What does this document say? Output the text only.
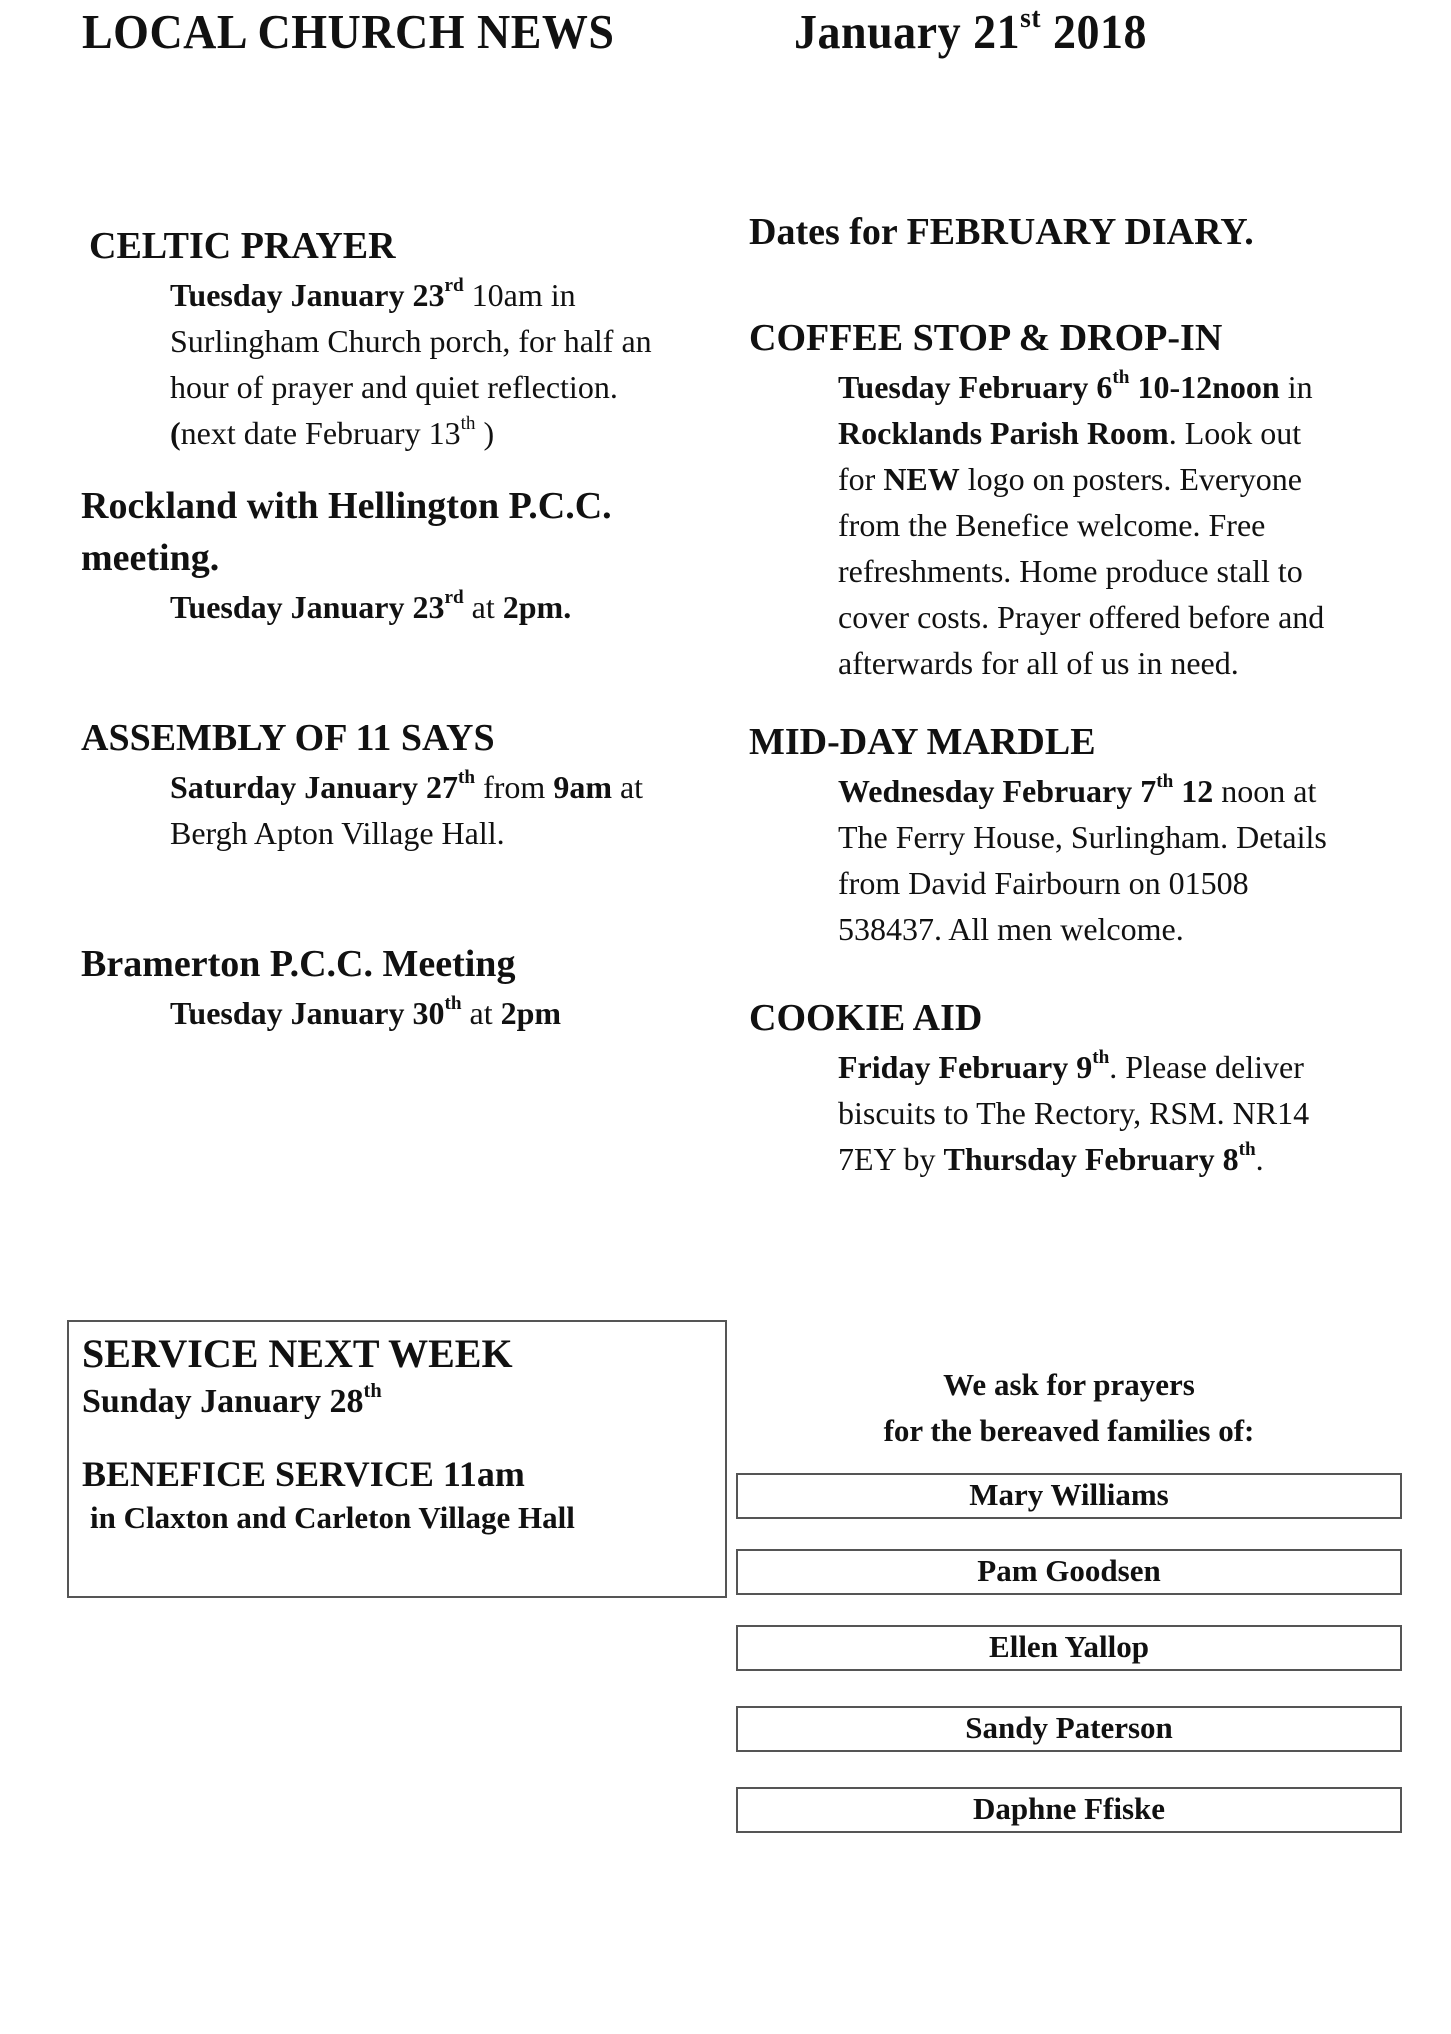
LOCAL CHURCH NEWS	January 21st 2018
CELTIC PRAYER
Tuesday January 23rd 10am in
Surlingham Church porch, for half an
hour of prayer and quiet reflection.
(next date February 13th )
Rockland with Hellington P.C.C.
meeting.
Tuesday January 23rd at 2pm.
ASSEMBLY OF 11 SAYS
Saturday January 27th from 9am at
Bergh Apton Village Hall.
Bramerton P.C.C. Meeting
Tuesday January 30th at 2pm
Dates for FEBRUARY DIARY.
COFFEE STOP & DROP-IN
Tuesday February 6th 10-12noon in
Rocklands Parish Room. Look out
for NEW logo on posters. Everyone
from the Benefice welcome. Free
refreshments. Home produce stall to
cover costs. Prayer offered before and
afterwards for all of us in need.
MID-DAY MARDLE
Wednesday February 7th 12 noon at
The Ferry House, Surlingham. Details
from David Fairbourn on 01508
538437. All men welcome.
COOKIE AID
Friday February 9th. Please deliver
biscuits to The Rectory, RSM. NR14
7EY by Thursday February 8th.
SERVICE NEXT WEEK
Sunday January 28th
BENEFICE SERVICE 11am
in Claxton and Carleton Village Hall
We ask for prayers
for the bereaved families of:
Mary Williams
Pam Goodsen
Ellen Yallop
Sandy Paterson
Daphne Ffiske
